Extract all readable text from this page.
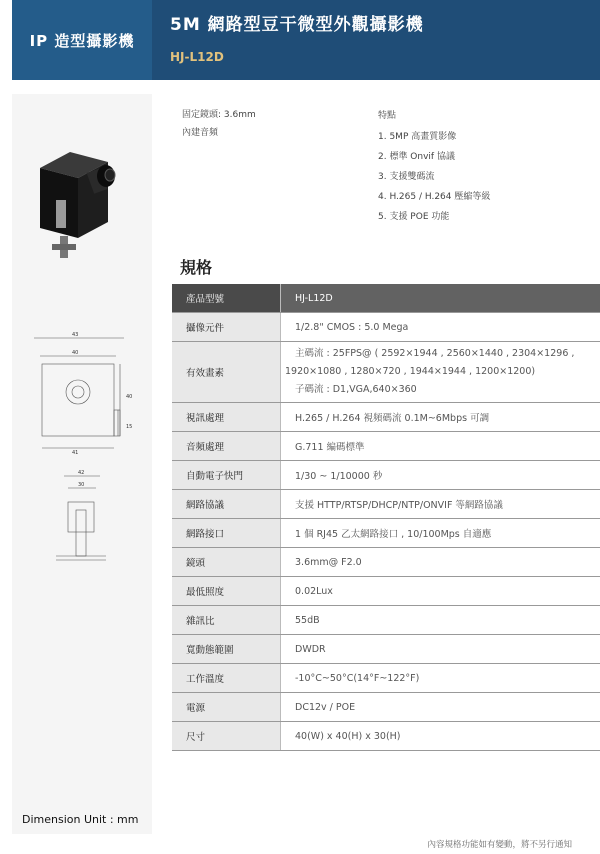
IP 造型攝影機
5M 網路型豆干微型外觀攝影機
HJ-L12D
43
40
40
15
41
42
30
Dimension Unit : mm
固定鏡頭: 3.6mm
內建音頻
特點
1. 5MP 高畫質影像
2. 標準 Onvif 協議
3. 支援雙碼流
4. H.265 / H.264 壓縮等級
5. 支援 POE 功能
規格
產品型號	HJ-L12D
攝像元件	1/2.8" CMOS : 5.0 Mega
有效畫素	主碼流 : 25FPS@ ( 2592×1944 , 2560×1440 , 2304×1296 ,
1920×1080 , 1280×720 , 1944×1944 , 1200×1200)
子碼流 : D1,VGA,640×360

視訊處理	H.265 / H.264 視頻碼流 0.1M~6Mbps 可調
音頻處理	G.711 編碼標準
自動電子快門	1/30 ~ 1/10000 秒
網路協議	支援 HTTP/RTSP/DHCP/NTP/ONVIF 等網路協議
網路接口	1 個 RJ45 乙太網路接口 , 10/100Mps 自適應
鏡頭	3.6mm@ F2.0
最低照度	0.02Lux
雜訊比	55dB
寬動態範圍	DWDR
工作溫度	-10°C~50°C(14°F~122°F)
電源	DC12v / POE
尺寸	40(W) x 40(H) x 30(H)
內容規格功能如有變動，將不另行通知
